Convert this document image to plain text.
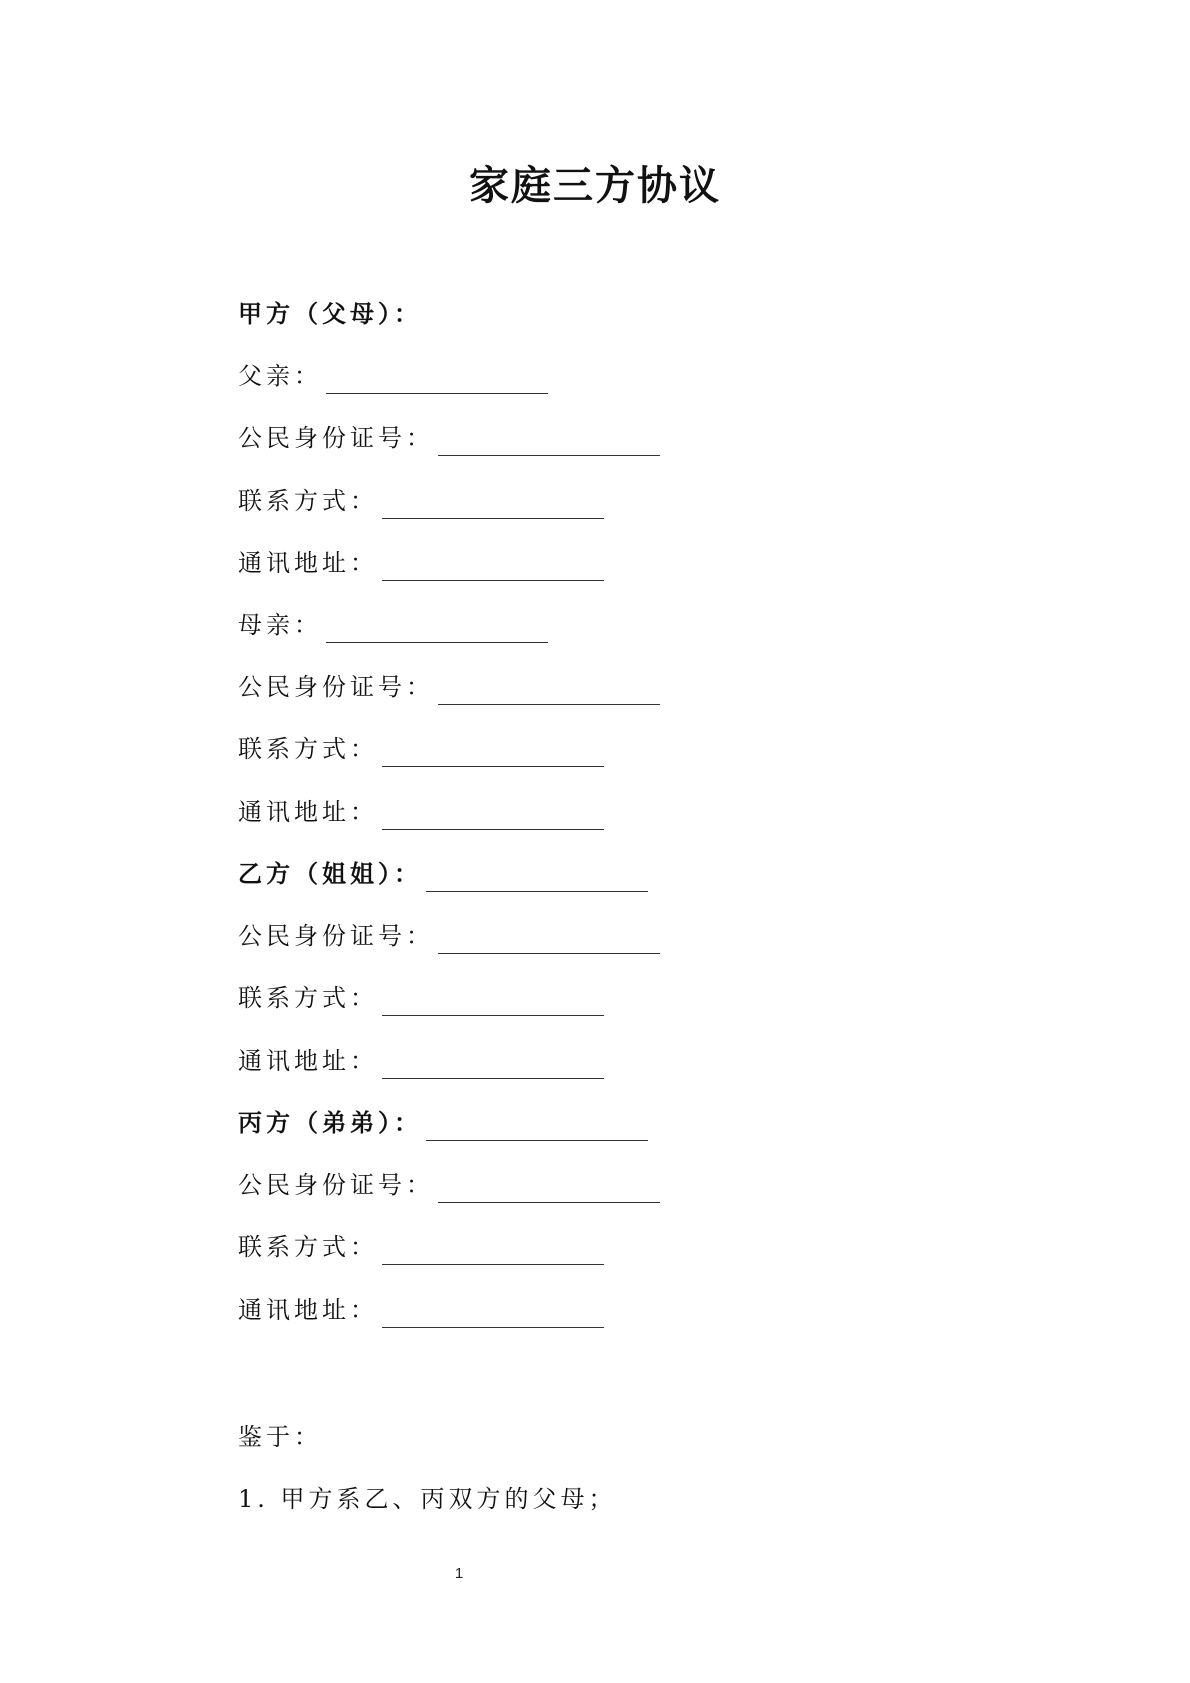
家庭三方协议
甲方（父母）：
父亲：
公民身份证号：
联系方式：
通讯地址：
母亲：
公民身份证号：
联系方式：
通讯地址：
乙方（姐姐）：
公民身份证号：
联系方式：
通讯地址：
丙方（弟弟）：
公民身份证号：
联系方式：
通讯地址：
鉴于：
1. 甲方系乙、丙双方的父母；
1
